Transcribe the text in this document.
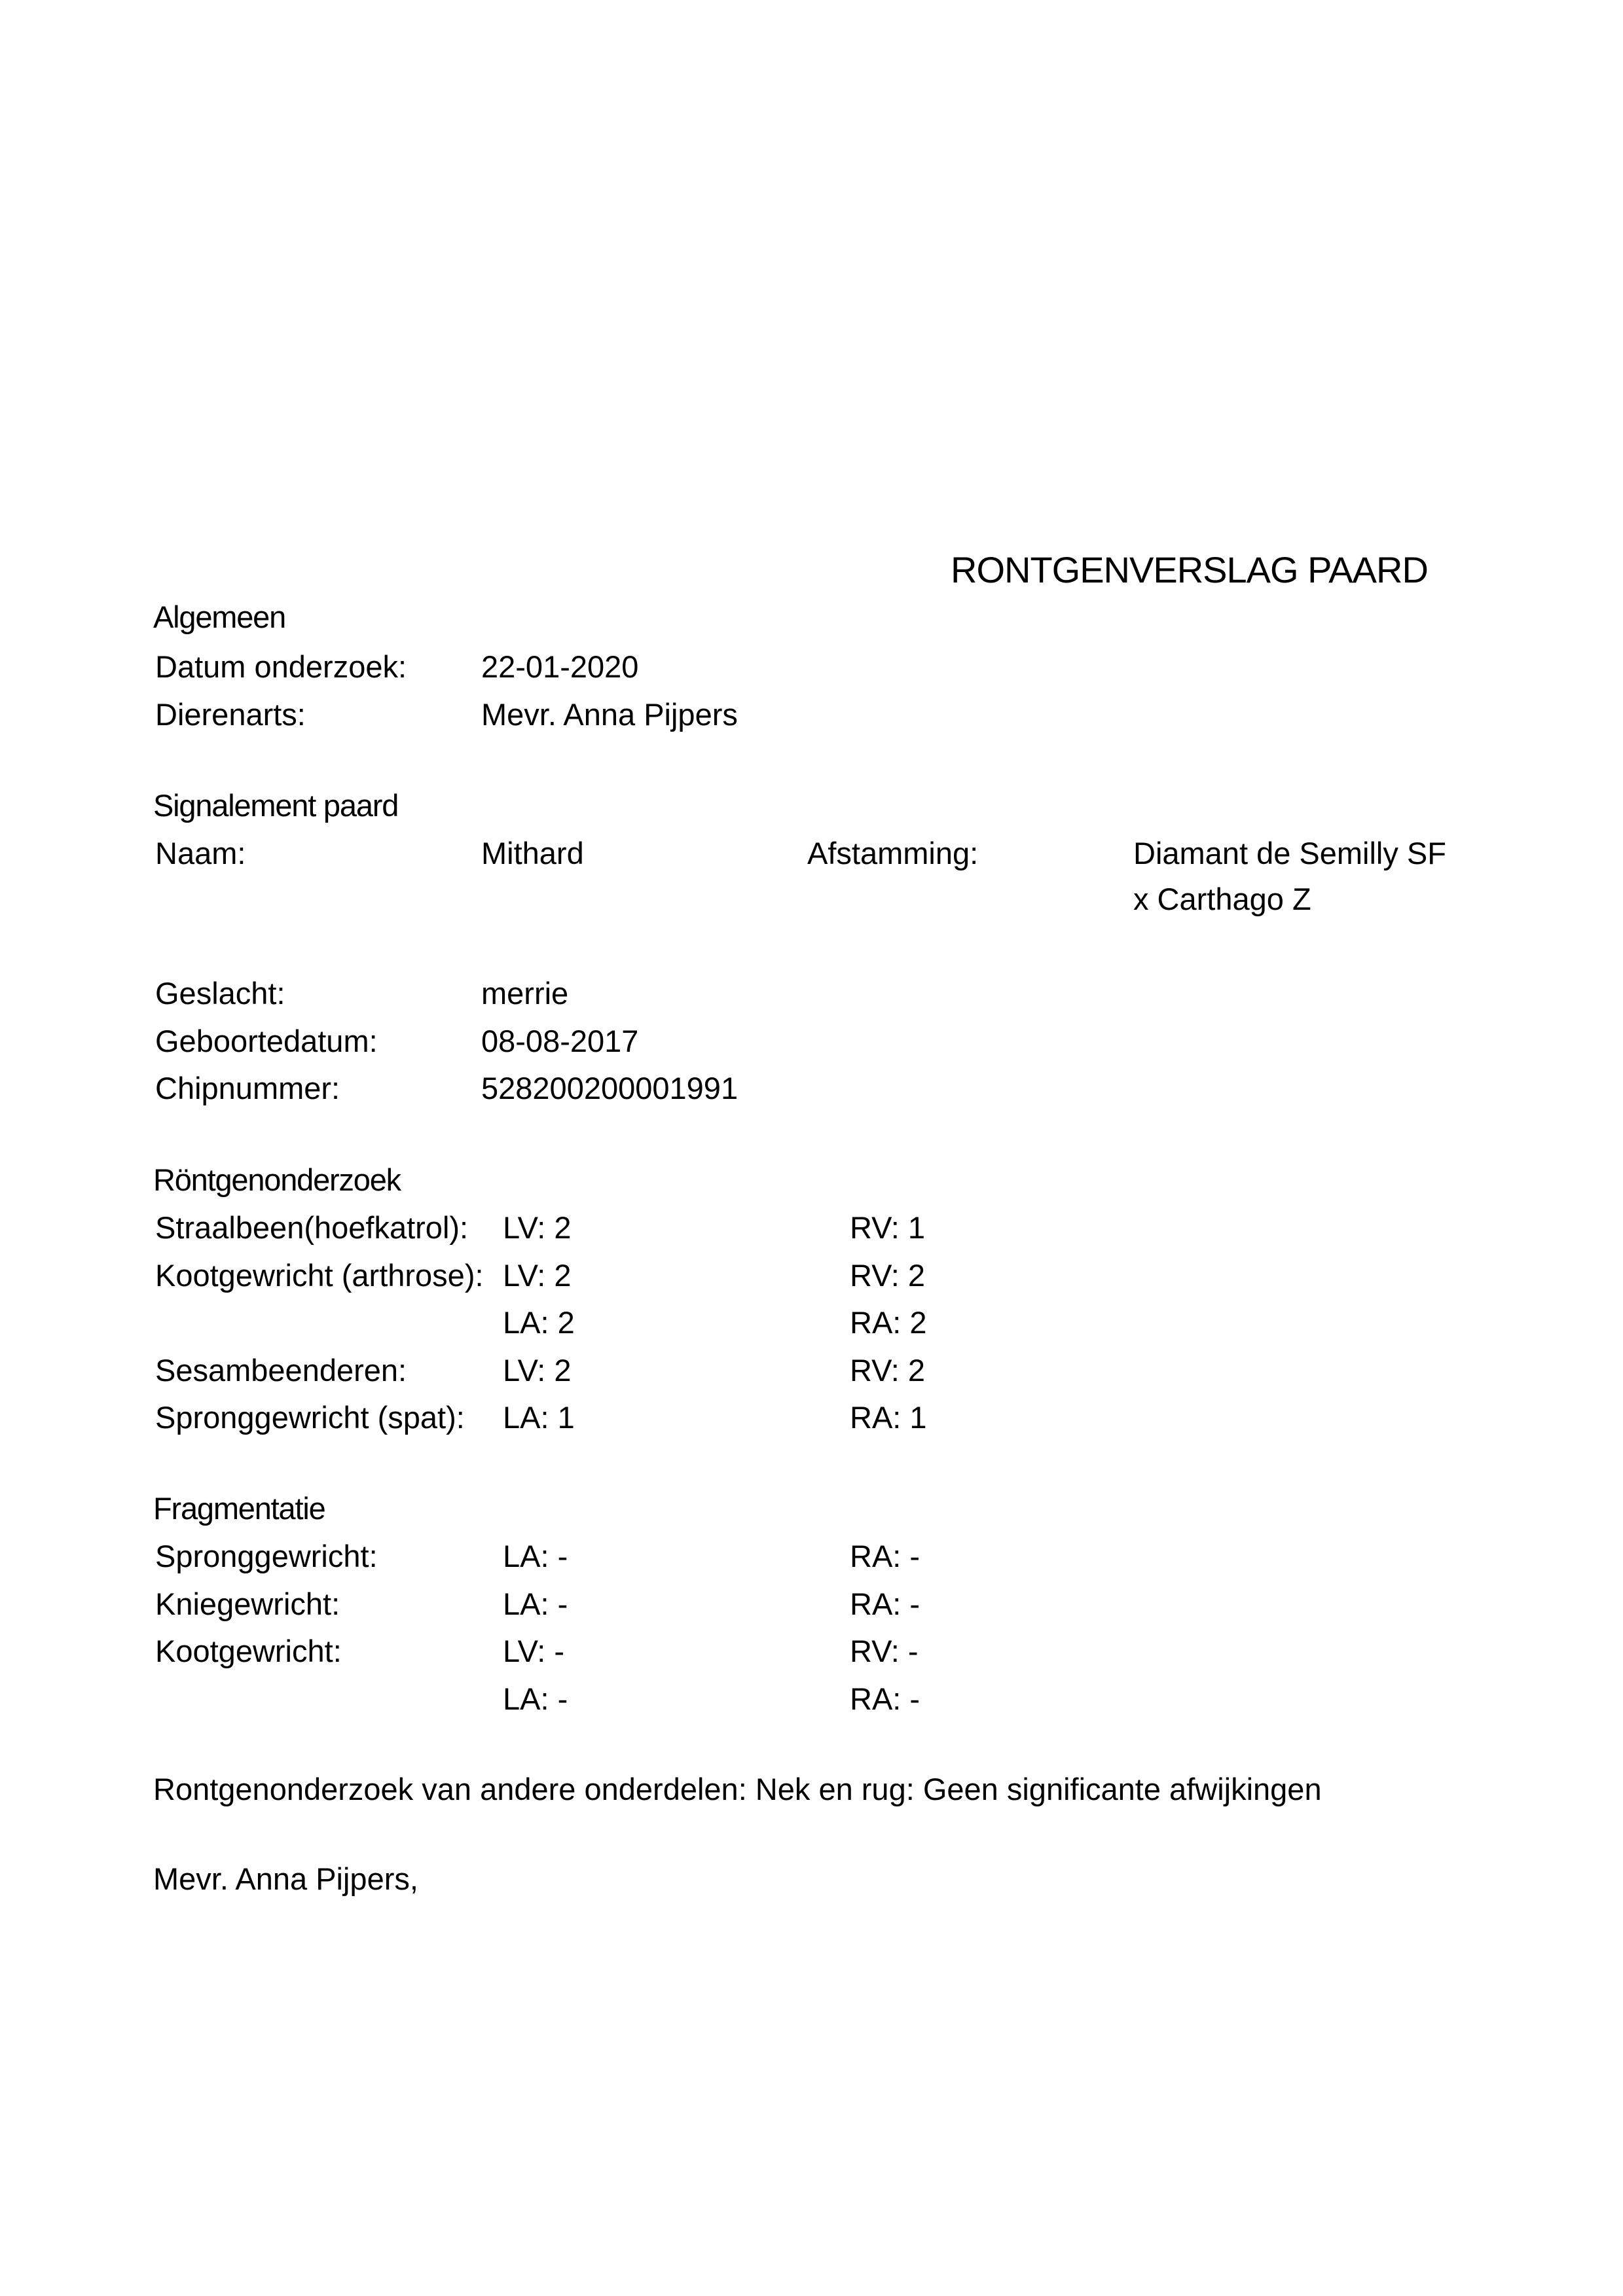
RONTGENVERSLAG PAARD
Algemeen
Datum onderzoek: 22-01-2020
Dierenarts:	Mevr. Anna Pijpers
Signalement paard
Naam:	Mithard	Afstamming:	Diamant de Semilly SF
x Carthago Z
Geslacht:	merrie
Geboortedatum:	08-08-2017
Chipnummer:	528200200001991
Röntgenonderzoek
Straalbeen(hoefkatrol): LV: 2	RV: 1
Kootgewricht (arthrose): LV: 2	RV: 2
LA: 2	RA: 2
Sesambeenderen:	LV: 2	RV: 2
Spronggewricht (spat): LA: 1	RA: 1
Fragmentatie
Spronggewricht:	LA: -	RA: -
Kniegewricht:	LA: -	RA: -
Kootgewricht:	LV: -	RV: -
LA: -	RA: -
Rontgenonderzoek van andere onderdelen: Nek en rug: Geen significante afwijkingen
Mevr. Anna Pijpers,
